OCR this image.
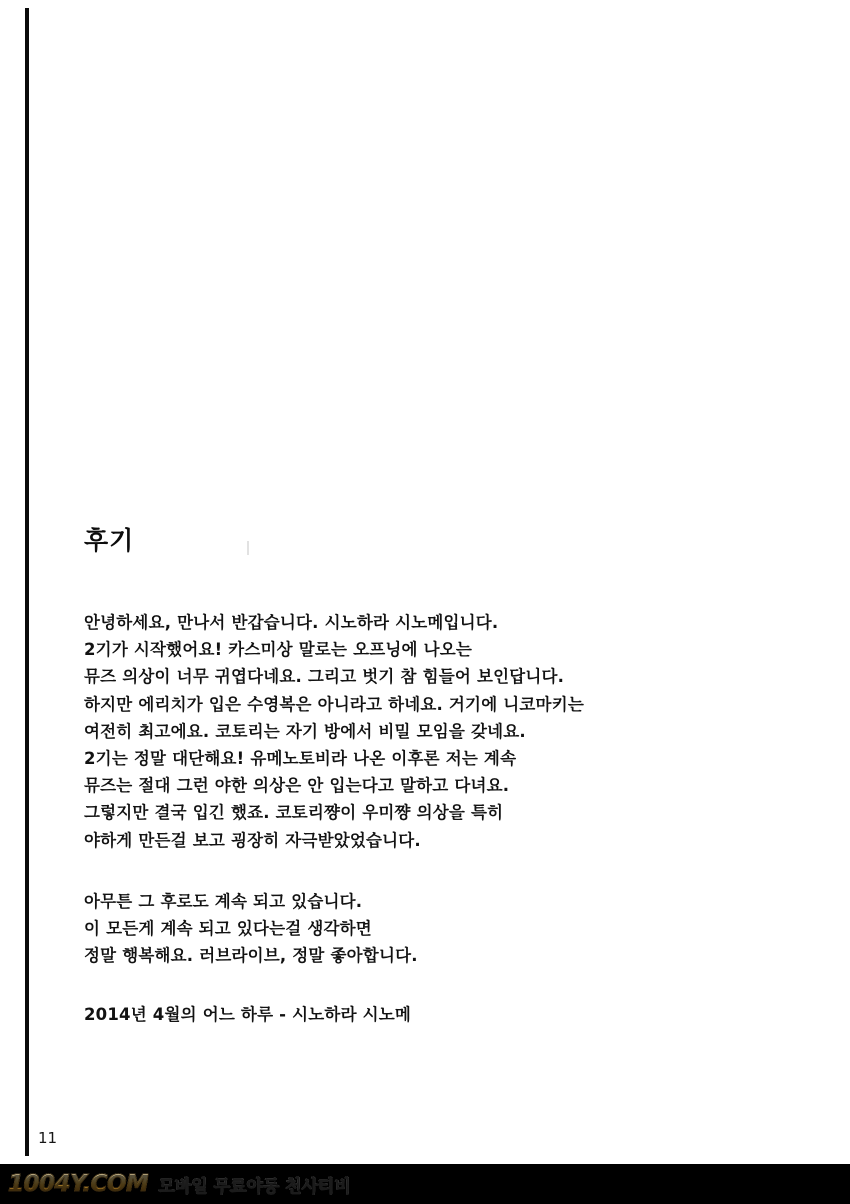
후기
안녕하세요, 만나서 반갑습니다. 시노하라 시노메입니다.
2기가 시작했어요! 카스미상 말로는 오프닝에 나오는
뮤즈 의상이 너무 귀엽다네요. 그리고 벗기 참 힘들어 보인답니다.
하지만 에리치가 입은 수영복은 아니라고 하네요. 거기에 니코마키는
여전히 최고에요. 코토리는 자기 방에서 비밀 모임을 갖네요.
2기는 정말 대단해요! 유메노토비라 나온 이후론 저는 계속
뮤즈는 절대 그런 야한 의상은 안 입는다고 말하고 다녀요.
그렇지만 결국 입긴 했죠. 코토리쨩이 우미쨩 의상을 특히
야하게 만든걸 보고 굉장히 자극받았었습니다.
아무튼 그 후로도 계속 되고 있습니다.
이 모든게 계속 되고 있다는걸 생각하면
정말 행복해요. 러브라이브, 정말 좋아합니다.
2014년 4월의 어느 하루 - 시노하라 시노메
11
1004Y.COM 모바일 무료야동 천사티비
